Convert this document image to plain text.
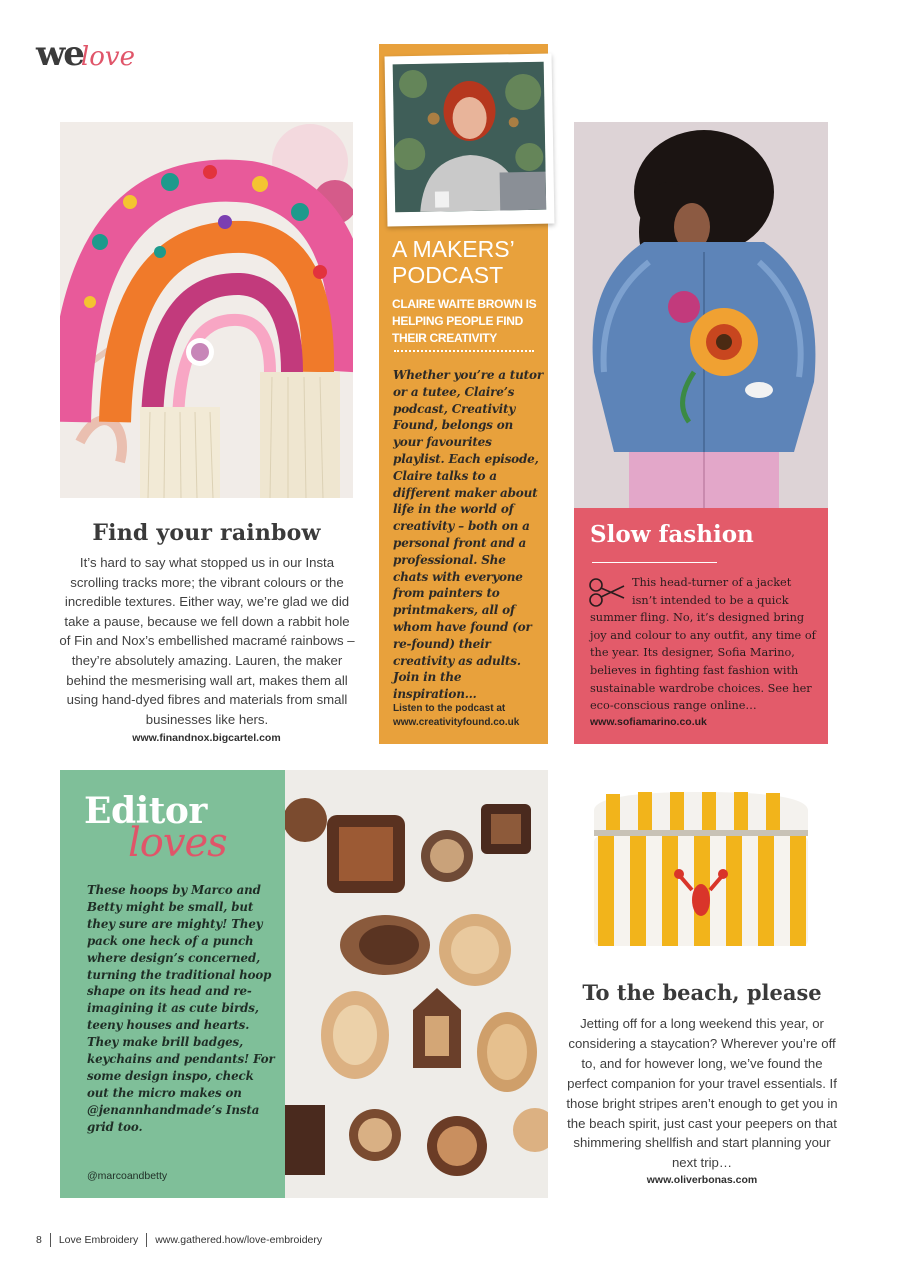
welove
Find your rainbow
It’s hard to say what stopped us in our Insta scrolling tracks more; the vibrant colours or the incredible textures. Either way, we’re glad we did take a pause, because we fell down a rabbit hole of Fin and Nox’s embellished macramé rainbows – they’re absolutely amazing. Lauren, the maker behind the mesmerising wall art, makes them all using hand-dyed fibres and materials from small businesses like hers.
www.finandnox.bigcartel.com
A MAKERS’ PODCAST
CLAIRE WAITE BROWN IS HELPING PEOPLE FIND THEIR CREATIVITY
Whether you’re a tutor or a tutee, Claire’s podcast, Creativity Found, belongs on your favourites playlist. Each episode, Claire talks to a different maker about life in the world of creativity – both on a personal front and a professional. She chats with everyone from painters to printmakers, all of whom have found (or re-found) their creativity as adults. Join in the inspiration…
Listen to the podcast at
www.creativityfound.co.uk
Slow fashion
This head-turner of a jacket isn’t intended to be a quick
summer fling. No, it’s designed bring joy and colour to any outfit, any time of the year. Its designer, Sofia Marino, believes in fighting fast fashion with sustainable wardrobe choices. See her eco-conscious range online…
www.sofiamarino.co.uk
Editor
loves
These hoops by Marco and Betty might be small, but they sure are mighty! They pack one heck of a punch where design’s concerned, turning the traditional hoop shape on its head and re-imagining it as cute birds, teeny houses and hearts. They make brill badges, keychains and pendants! For some design inspo, check out the micro makes on @jenannhandmade’s Insta grid too.
@marcoandbetty
To the beach, please
Jetting off for a long weekend this year, or considering a staycation? Wherever you’re off to, and for however long, we’ve found the perfect companion for your travel essentials. If those bright stripes aren’t enough to get you in the beach spirit, just cast your peepers on that shimmering shellfish and start planning your next trip…
www.oliverbonas.com
8 Love Embroidery www.gathered.how/love-embroidery
